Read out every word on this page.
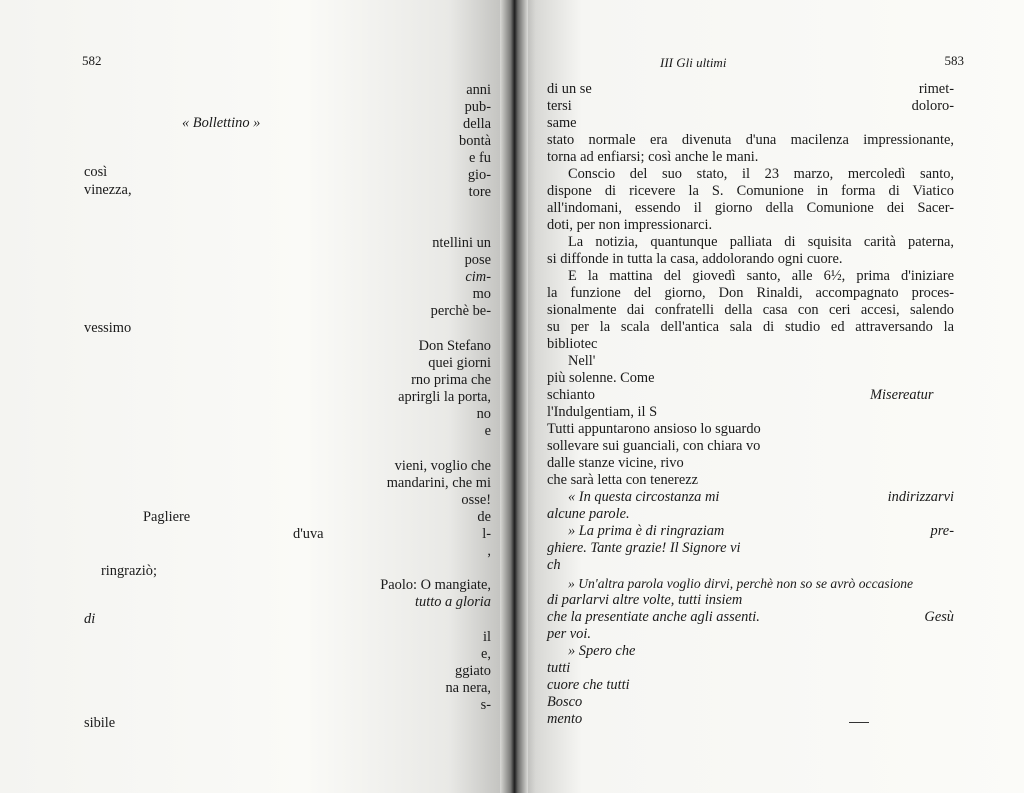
582
« Bollettino »
così
vinezza,
vessimo
Pagliere
d'uva
ringraziò;
di
sibile
anni
pub-
della
bontà
e fu
gio-
tore
ntellini un
pose
cim-
mo
perchè be-
Don Stefano
quei giorni
rno prima che
aprirgli la porta,
no
e
vieni, voglio che
mandarini, che mi
osse!
de
l-
,
Paolo: O mangiate,
tutto a gloria
il
e,
ggiato
na nera,
s-
III Gli ultimi	583
di un se	rimet-
tersi	doloro-
same
stato normale era divenuta d'una macilenza impressionante,
torna ad enfiarsi; così anche le mani.
Conscio del suo stato, il 23 marzo, mercoledì santo,
dispone di ricevere la S. Comunione in forma di Viatico
all'indomani, essendo il giorno della Comunione dei Sacer-
doti, per non impressionarci.
La notizia, quantunque palliata di squisita carità paterna,
si diffonde in tutta la casa, addolorando ogni cuore.
E la mattina del giovedì santo, alle 6½, prima d'iniziare
la funzione del giorno, Don Rinaldi, accompagnato proces-
sionalmente dai confratelli della casa con ceri accesi, salendo
su per la scala dell'antica sala di studio ed attraversando la
bibliotec
Nell'
più solenne. Come
schianto	Misereatur
l'Indulgentiam, il S
Tutti appuntarono ansioso lo sguardo
sollevare sui guanciali, con chiara vo
dalle stanze vicine, rivo
che sarà letta con tenerezz
« In questa circostanza mi	indirizzarvi
alcune parole.
» La prima è di ringraziam	pre-
ghiere. Tante grazie! Il Signore vi
ch
» Un'altra parola voglio dirvi, perchè non so se avrò occasione
di parlarvi altre volte, tutti insiem
che la presentiate anche agli assenti.	Gesù
per voi.
» Spero che
tutti
cuore che tutti
Bosco
mento
